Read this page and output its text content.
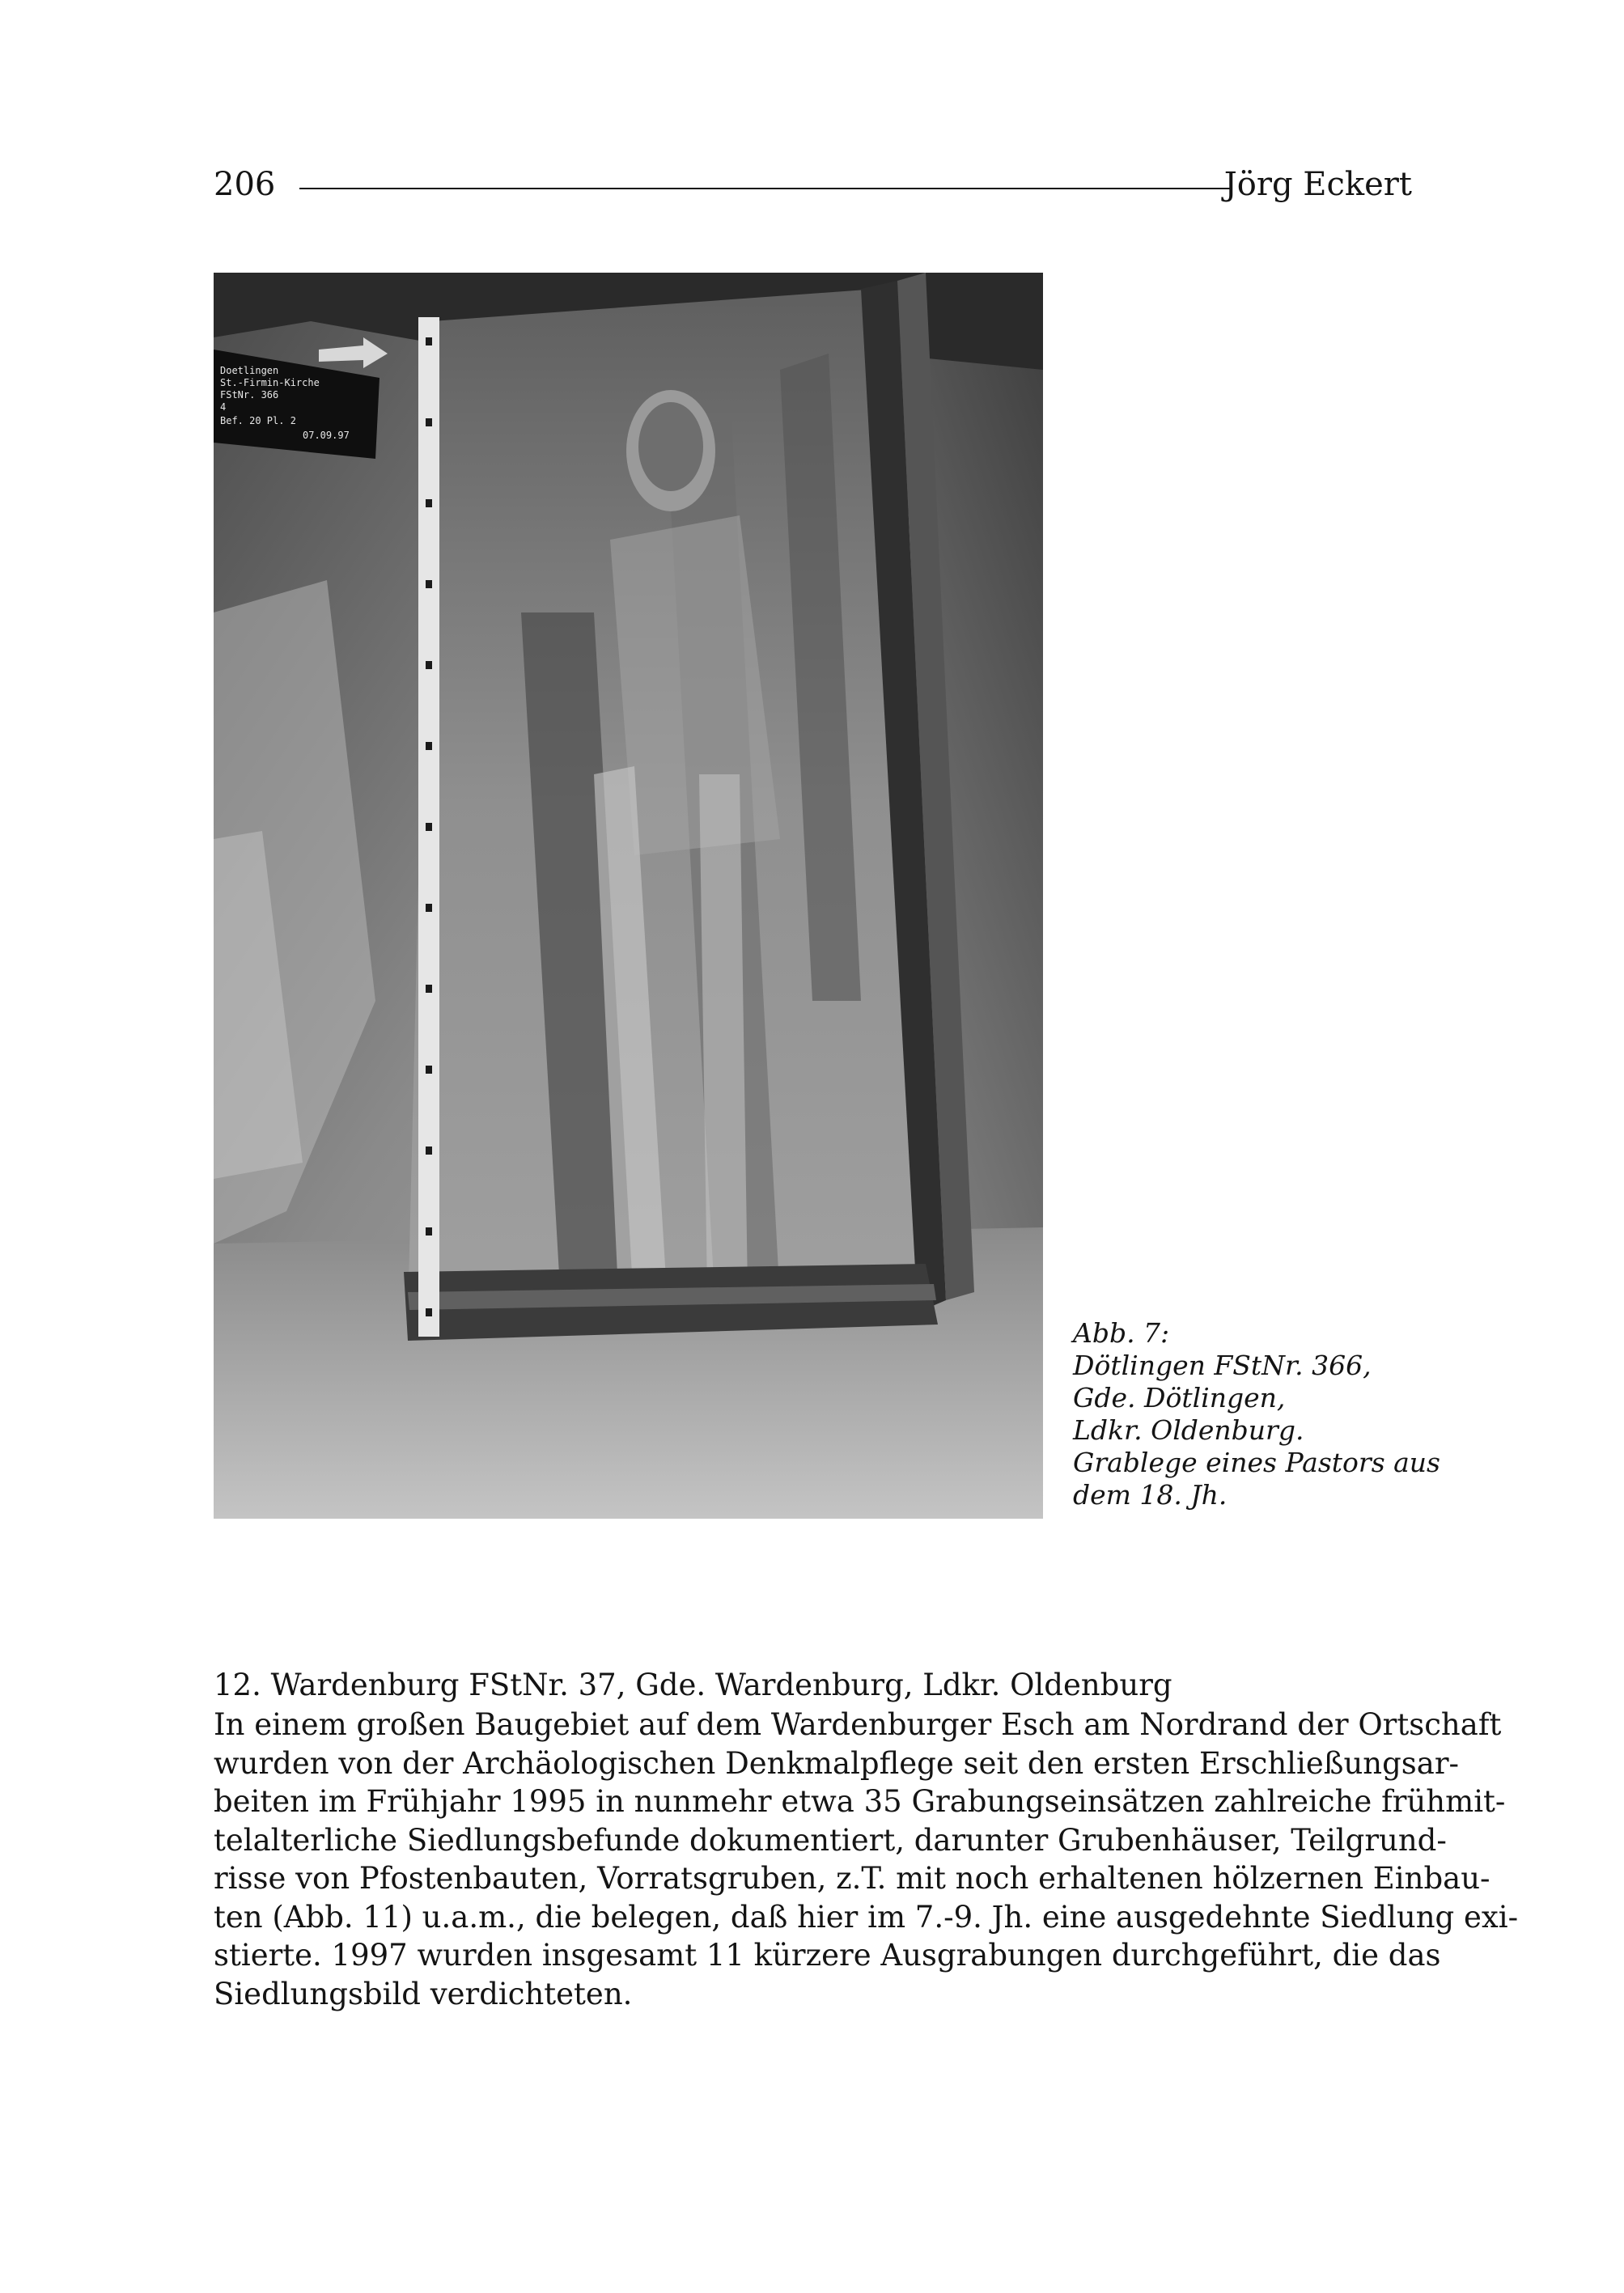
206	Jörg Eckert
Doetlingen
St.-Firmin-Kirche
FStNr. 366
4
Bef. 20 Pl. 2
07.09.97
Abb. 7:
Dötlingen FStNr. 366,
Gde. Dötlingen,
Ldkr. Oldenburg.
Grablege eines Pastors aus
dem 18. Jh.
12. Wardenburg FStNr. 37, Gde. Wardenburg, Ldkr. Oldenburg
In einem großen Baugebiet auf dem Wardenburger Esch am Nordrand der Ortschaft
wurden von der Archäologischen Denkmalpflege seit den ersten Erschließungsar-
beiten im Frühjahr 1995 in nunmehr etwa 35 Grabungseinsätzen zahlreiche frühmit-
telalterliche Siedlungsbefunde dokumentiert, darunter Grubenhäuser, Teilgrund-
risse von Pfostenbauten, Vorratsgruben, z.T. mit noch erhaltenen hölzernen Einbau-
ten (Abb. 11) u.a.m., die belegen, daß hier im 7.-9. Jh. eine ausgedehnte Siedlung exi-
stierte. 1997 wurden insgesamt 11 kürzere Ausgrabungen durchgeführt, die das
Siedlungsbild verdichteten.
